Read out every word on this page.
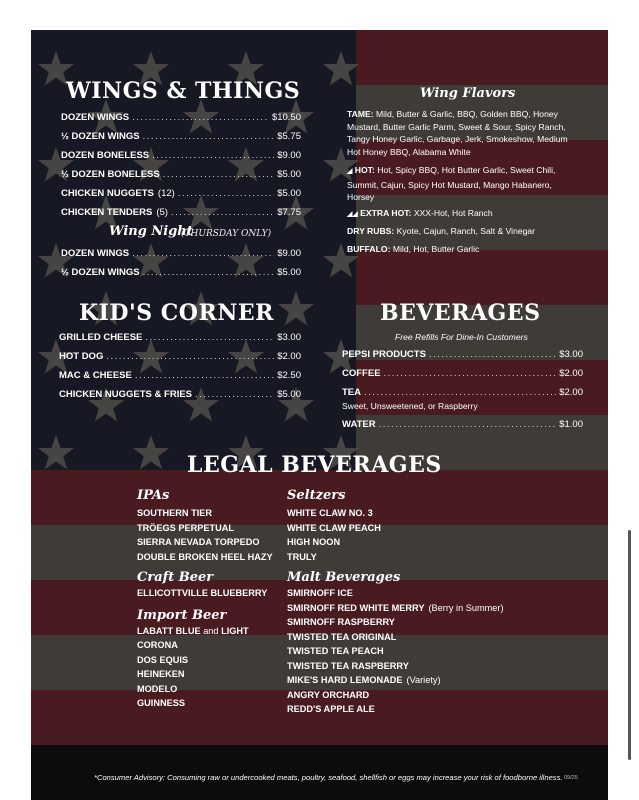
WINGS & THINGS
DOZEN WINGS .....	$10.50
½ DOZEN WINGS .....	$5.75
DOZEN BONELESS .....	$9.00
½ DOZEN BONELESS .....	$5.00
CHICKEN NUGGETS (12) .....	$5.00
CHICKEN TENDERS (5) .....	$7.75
Wing Night
(THURSDAY ONLY)
DOZEN WINGS .....	$9.00
½ DOZEN WINGS .....	$5.00
Wing Flavors
TAME: Mild, Butter & Garlic, BBQ, Golden BBQ, Honey Mustard, Butter Garlic Parm, Sweet & Sour, Spicy Ranch, Tangy Honey Garlic, Garbage, Jerk, Smokeshow, Medium Hot Honey BBQ, Alabama White
◢ HOT: Hot, Spicy BBQ, Hot Butter Garlic, Sweet Chili, Summit, Cajun, Spicy Hot Mustard, Mango Habanero, Horsey
◢◢ EXTRA HOT: XXX-Hot, Hot Ranch
DRY RUBS: Kyote, Cajun, Ranch, Salt & Vinegar
BUFFALO: Mild, Hot, Butter Garlic
KID'S CORNER
GRILLED CHEESE .....	$3.00
HOT DOG .....	$2.00
MAC & CHEESE .....	$2.50
CHICKEN NUGGETS & FRIES .....	$5.00
BEVERAGES
Free Refills For Dine-In Customers
PEPSI PRODUCTS .....	$3.00
COFFEE .....	$2.00
TEA .....	$2.00
WATER .....	$1.00
Sweet, Unsweetened, or Raspberry
LEGAL BEVERAGES
IPAs
SOUTHERN TIER
TRÖEGS PERPETUAL
SIERRA NEVADA TORPEDO
DOUBLE BROKEN HEEL HAZY
Craft Beer
ELLICOTTVILLE BLUEBERRY
Import Beer
LABATT BLUE and LIGHT
CORONA
DOS EQUIS
HEINEKEN
MODELO
GUINNESS
Seltzers
WHITE CLAW NO. 3
WHITE CLAW PEACH
HIGH NOON
TRULY
Malt Beverages
SMIRNOFF ICE
SMIRNOFF RED WHITE MERRY (Berry in Summer)
SMIRNOFF RASPBERRY
TWISTED TEA ORIGINAL
TWISTED TEA PEACH
TWISTED TEA RASPBERRY
MIKE'S HARD LEMONADE (Variety)
ANGRY ORCHARD
REDD'S APPLE ALE
*Consumer Advisory: Consuming raw or undercooked meats, poultry, seafood, shellfish or eggs may increase your risk of foodborne illness. 09/25
